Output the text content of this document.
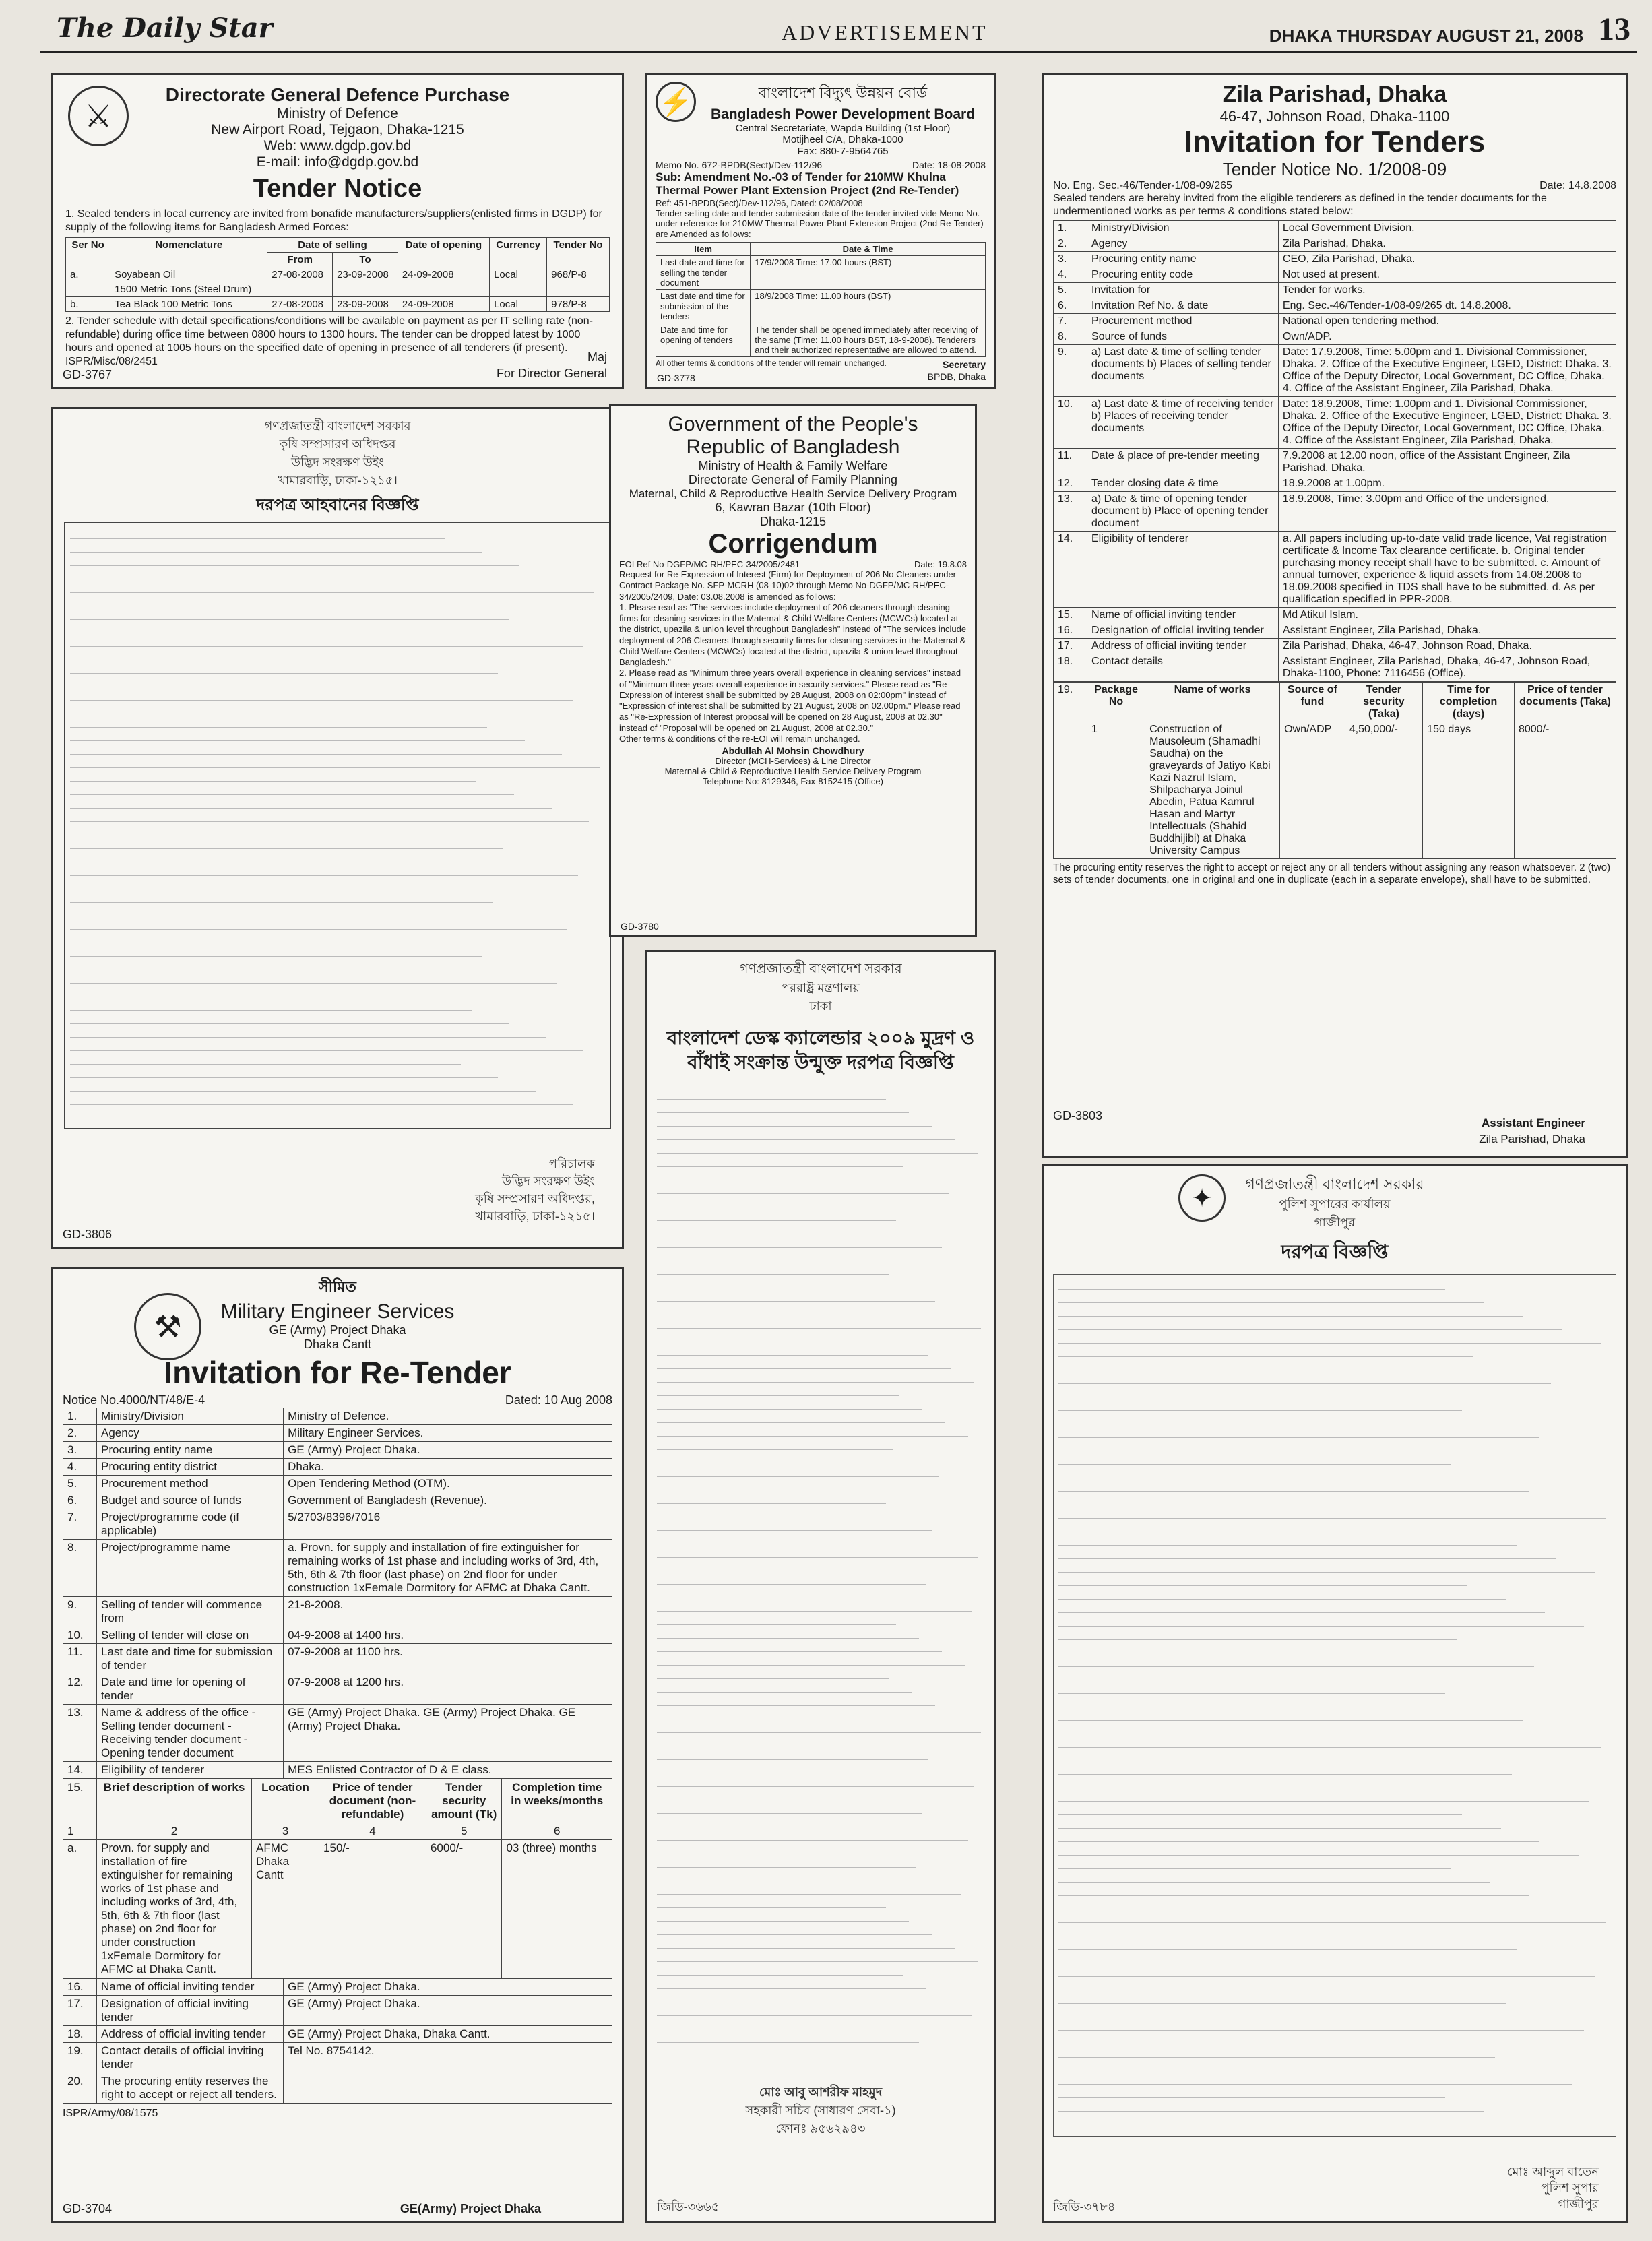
The Daily Star	ADVERTISEMENT	DHAKA THURSDAY AUGUST 21, 2008 13
⚔
Directorate General Defence Purchase
Ministry of Defence
New Airport Road, Tejgaon, Dhaka-1215
Web: www.dgdp.gov.bd
E-mail: info@dgdp.gov.bd
Tender Notice
1. Sealed tenders in local currency are invited from bonafide manufacturers/suppliers(enlisted firms in DGDP) for supply of the following items for Bangladesh Armed Forces:
Ser No	Nomenclature	Date of selling		Date of opening	Currency	Tender No
		From	To			
a.	Soyabean Oil	27-08-2008	23-09-2008	24-09-2008	Local	968/P-8
	1500 Metric Tons (Steel Drum)					
b.	Tea Black 100 Metric Tons	27-08-2008	23-09-2008	24-09-2008	Local	978/P-8
2. Tender schedule with detail specifications/conditions will be available on payment as per IT selling rate (non-refundable) during office time between 0800 hours to 1300 hours. The tender can be dropped latest by 1000 hours and opened at 1005 hours on the specified date of opening in presence of all tenderers (if present).
ISPR/Misc/08/2451	Maj
For Director General
GD-3767
⚡	বাংলাদেশ বিদ্যুৎ উন্নয়ন বোর্ড
Bangladesh Power Development Board
Central Secretariate, Wapda Building (1st Floor)
Motijheel C/A, Dhaka-1000
Fax: 880-7-9564765
Memo No. 672-BPDB(Sect)/Dev-112/96	Date: 18-08-2008
Sub: Amendment No.-03 of Tender for 210MW Khulna Thermal Power Plant Extension Project (2nd Re-Tender)
Ref: 451-BPDB(Sect)/Dev-112/96, Dated: 02/08/2008
Tender selling date and tender submission date of the tender invited vide Memo No. under reference for 210MW Thermal Power Plant Extension Project (2nd Re-Tender) are Amended as follows:
Item	Date & Time
Last date and time for selling the tender document	17/9/2008 Time: 17.00 hours (BST)
Last date and time for submission of the tenders	18/9/2008 Time: 11.00 hours (BST)
Date and time for opening of tenders	The tender shall be opened immediately after receiving of the same (Time: 11.00 hours BST, 18-9-2008). Tenderers and their authorized representative are allowed to attend.
All other terms & conditions of the tender will remain unchanged.	Secretary
BPDB, Dhaka
GD-3778
Zila Parishad, Dhaka
46-47, Johnson Road, Dhaka-1100
Invitation for Tenders
Tender Notice No. 1/2008-09
No. Eng. Sec.-46/Tender-1/08-09/265	Date: 14.8.2008
Sealed tenders are hereby invited from the eligible tenderers as defined in the tender documents for the undermentioned works as per terms & conditions stated below:
1.	Ministry/Division	Local Government Division.
2.	Agency	Zila Parishad, Dhaka.
3.	Procuring entity name	CEO, Zila Parishad, Dhaka.
4.	Procuring entity code	Not used at present.
5.	Invitation for	Tender for works.
6.	Invitation Ref No. & date	Eng. Sec.-46/Tender-1/08-09/265 dt. 14.8.2008.
7.	Procurement method	National open tendering method.
8.	Source of funds	Own/ADP.
9.	a) Last date & time of selling tender documents b) Places of selling tender documents	Date: 17.9.2008, Time: 5.00pm and 1. Divisional Commissioner, Dhaka. 2. Office of the Executive Engineer, LGED, District: Dhaka. 3. Office of the Deputy Director, Local Government, DC Office, Dhaka. 4. Office of the Assistant Engineer, Zila Parishad, Dhaka.
10.	a) Last date & time of receiving tender b) Places of receiving tender documents	Date: 18.9.2008, Time: 1.00pm and 1. Divisional Commissioner, Dhaka. 2. Office of the Executive Engineer, LGED, District: Dhaka. 3. Office of the Deputy Director, Local Government, DC Office, Dhaka. 4. Office of the Assistant Engineer, Zila Parishad, Dhaka.
11.	Date & place of pre-tender meeting	7.9.2008 at 12.00 noon, office of the Assistant Engineer, Zila Parishad, Dhaka.
12.	Tender closing date & time	18.9.2008 at 1.00pm.
13.	a) Date & time of opening tender document b) Place of opening tender document	18.9.2008, Time: 3.00pm and Office of the undersigned.
14.	Eligibility of tenderer	a. All papers including up-to-date valid trade licence, Vat registration certificate & Income Tax clearance certificate. b. Original tender purchasing money receipt shall have to be submitted. c. Amount of annual turnover, experience & liquid assets from 14.08.2008 to 18.09.2008 specified in TDS shall have to be submitted. d. As per qualification specified in PPR-2008.
15.	Name of official inviting tender	Md Atikul Islam.
16.	Designation of official inviting tender	Assistant Engineer, Zila Parishad, Dhaka.
17.	Address of official inviting tender	Zila Parishad, Dhaka, 46-47, Johnson Road, Dhaka.
18.	Contact details	Assistant Engineer, Zila Parishad, Dhaka, 46-47, Johnson Road, Dhaka-1100, Phone: 7116456 (Office).
19.	Package No	Name of works	Source of fund	Tender security (Taka)	Time for completion (days)	Price of tender documents (Taka)
	1	Construction of Mausoleum (Shamadhi Saudha) on the graveyards of Jatiyo Kabi Kazi Nazrul Islam, Shilpacharya Joinul Abedin, Patua Kamrul Hasan and Martyr Intellectuals (Shahid Buddhijibi) at Dhaka University Campus	Own/ADP	4,50,000/-	150 days	8000/-
The procuring entity reserves the right to accept or reject any or all tenders without assigning any reason whatsoever. 2 (two) sets of tender documents, one in original and one in duplicate (each in a separate envelope), shall have to be submitted.
Assistant Engineer
Zila Parishad, Dhaka
GD-3803
গণপ্রজাতন্ত্রী বাংলাদেশ সরকার
কৃষি সম্প্রসারণ অধিদপ্তর
উদ্ভিদ সংরক্ষণ উইং
খামারবাড়ি, ঢাকা-১২১৫।
দরপত্র আহবানের বিজ্ঞপ্তি
পরিচালক
উদ্ভিদ সংরক্ষণ উইং
কৃষি সম্প্রসারণ অধিদপ্তর,
খামারবাড়ি, ঢাকা-১২১৫।
GD-3806
Government of the People's
Republic of Bangladesh
Ministry of Health & Family Welfare
Directorate General of Family Planning
Maternal, Child & Reproductive Health Service Delivery Program
6, Kawran Bazar (10th Floor)
Dhaka-1215
Corrigendum
EOI Ref No-DGFP/MC-RH/PEC-34/2005/2481	Date: 19.8.08
Request for Re-Expression of Interest (Firm) for Deployment of 206 No Cleaners under Contract Package No. SFP-MCRH (08-10)02 through Memo No-DGFP/MC-RH/PEC-34/2005/2409, Date: 03.08.2008 is amended as follows:
1. Please read as "The services include deployment of 206 cleaners through cleaning firms for cleaning services in the Maternal & Child Welfare Centers (MCWCs) located at the district, upazila & union level throughout Bangladesh" instead of "The services include deployment of 206 Cleaners through security firms for cleaning services in the Maternal & Child Welfare Centers (MCWCs) located at the district, upazila & union level throughout Bangladesh."
2. Please read as "Minimum three years overall experience in cleaning services" instead of "Minimum three years overall experience in security services." Please read as "Re-Expression of interest shall be submitted by 28 August, 2008 on 02:00pm" instead of "Expression of interest shall be submitted by 21 August, 2008 on 02.00pm." Please read as "Re-Expression of Interest proposal will be opened on 28 August, 2008 at 02.30" instead of "Proposal will be opened on 21 August, 2008 at 02.30."
Other terms & conditions of the re-EOI will remain unchanged.
Abdullah Al Mohsin Chowdhury
Director (MCH-Services) & Line Director
Maternal & Child & Reproductive Health Service Delivery Program
Telephone No: 8129346, Fax-8152415 (Office)
GD-3780
সীমিত
⚒	Military Engineer Services
GE (Army) Project Dhaka
Dhaka Cantt
Invitation for Re-Tender
Notice No.4000/NT/48/E-4	Dated: 10 Aug 2008
1.	Ministry/Division	Ministry of Defence.
2.	Agency	Military Engineer Services.
3.	Procuring entity name	GE (Army) Project Dhaka.
4.	Procuring entity district	Dhaka.
5.	Procurement method	Open Tendering Method (OTM).
6.	Budget and source of funds	Government of Bangladesh (Revenue).
7.	Project/programme code (if applicable)	5/2703/8396/7016
8.	Project/programme name	a. Provn. for supply and installation of fire extinguisher for remaining works of 1st phase and including works of 3rd, 4th, 5th, 6th & 7th floor (last phase) on 2nd floor for under construction 1xFemale Dormitory for AFMC at Dhaka Cantt.
9.	Selling of tender will commence from	21-8-2008.
10.	Selling of tender will close on	04-9-2008 at 1400 hrs.
11.	Last date and time for submission of tender	07-9-2008 at 1100 hrs.
12.	Date and time for opening of tender	07-9-2008 at 1200 hrs.
13.	Name & address of the office - Selling tender document - Receiving tender document - Opening tender document	GE (Army) Project Dhaka. GE (Army) Project Dhaka. GE (Army) Project Dhaka.
14.	Eligibility of tenderer	MES Enlisted Contractor of D & E class.
15.	Brief description of works	Location	Price of tender document (non-refundable)	Tender security amount (Tk)	Completion time in weeks/months
1	2	3	4	5	6
a.	Provn. for supply and installation of fire extinguisher for remaining works of 1st phase and including works of 3rd, 4th, 5th, 6th & 7th floor (last phase) on 2nd floor for under construction 1xFemale Dormitory for AFMC at Dhaka Cantt.	AFMC Dhaka Cantt	150/-	6000/-	03 (three) months
16.	Name of official inviting tender	GE (Army) Project Dhaka.
17.	Designation of official inviting tender	GE (Army) Project Dhaka.
18.	Address of official inviting tender	GE (Army) Project Dhaka, Dhaka Cantt.
19.	Contact details of official inviting tender	Tel No. 8754142.
20.	The procuring entity reserves the right to accept or reject all tenders.	
ISPR/Army/08/1575
GD-3704	GE(Army) Project Dhaka
গণপ্রজাতন্ত্রী বাংলাদেশ সরকার
পররাষ্ট্র মন্ত্রণালয়
ঢাকা
বাংলাদেশ ডেস্ক ক্যালেন্ডার ২০০৯ মুদ্রণ ও বাঁধাই সংক্রান্ত উন্মুক্ত দরপত্র বিজ্ঞপ্তি
মোঃ আবু আশরীফ মাহমুদ
সহকারী সচিব (সাধারণ সেবা-১)
ফোনঃ ৯৫৬২৯৪৩
জিডি-৩৬৬৫
✦	গণপ্রজাতন্ত্রী বাংলাদেশ সরকার
পুলিশ সুপারের কার্যালয়
গাজীপুর
দরপত্র বিজ্ঞপ্তি
মোঃ আব্দুল বাতেন
পুলিশ সুপার
গাজীপুর
জিডি-৩৭৮৪
